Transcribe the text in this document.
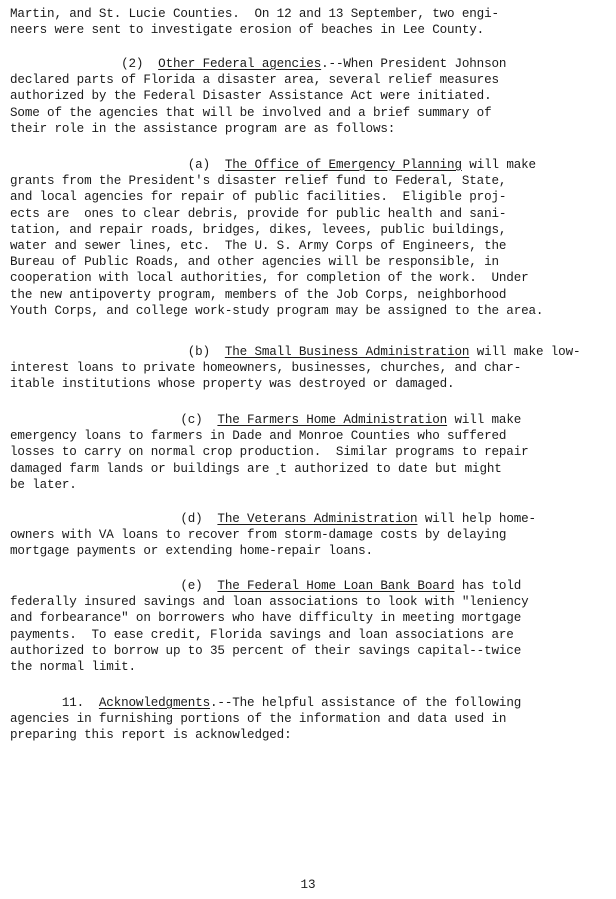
Martin, and St. Lucie Counties.  On 12 and 13 September, two engi-
neers were sent to investigate erosion of beaches in Lee County.
(2)  Other Federal agencies.--When President Johnson
declared parts of Florida a disaster area, several relief measures
authorized by the Federal Disaster Assistance Act were initiated.
Some of the agencies that will be involved and a brief summary of
their role in the assistance program are as follows:
(a)  The Office of Emergency Planning will make
grants from the President's disaster relief fund to Federal, State,
and local agencies for repair of public facilities.  Eligible proj-
ects are  ones to clear debris, provide for public health and sani-
tation, and repair roads, bridges, dikes, levees, public buildings,
water and sewer lines, etc.  The U. S. Army Corps of Engineers, the
Bureau of Public Roads, and other agencies will be responsible, in
cooperation with local authorities, for completion of the work.  Under
the new antipoverty program, members of the Job Corps, neighborhood
Youth Corps, and college work-study program may be assigned to the area.
(b)  The Small Business Administration will make low-
interest loans to private homeowners, businesses, churches, and char-
itable institutions whose property was destroyed or damaged.
(c)  The Farmers Home Administration will make
emergency loans to farmers in Dade and Monroe Counties who suffered
losses to carry on normal crop production.  Similar programs to repair
damaged farm lands or buildings are ⸼t authorized to date but might
be later.
(d)  The Veterans Administration will help home-
owners with VA loans to recover from storm-damage costs by delaying
mortgage payments or extending home-repair loans.
(e)  The Federal Home Loan Bank Board has told
federally insured savings and loan associations to look with "leniency
and forbearance" on borrowers who have difficulty in meeting mortgage
payments.  To ease credit, Florida savings and loan associations are
authorized to borrow up to 35 percent of their savings capital--twice
the normal limit.
11.  Acknowledgments.--The helpful assistance of the following
agencies in furnishing portions of the information and data used in
preparing this report is acknowledged:
13
